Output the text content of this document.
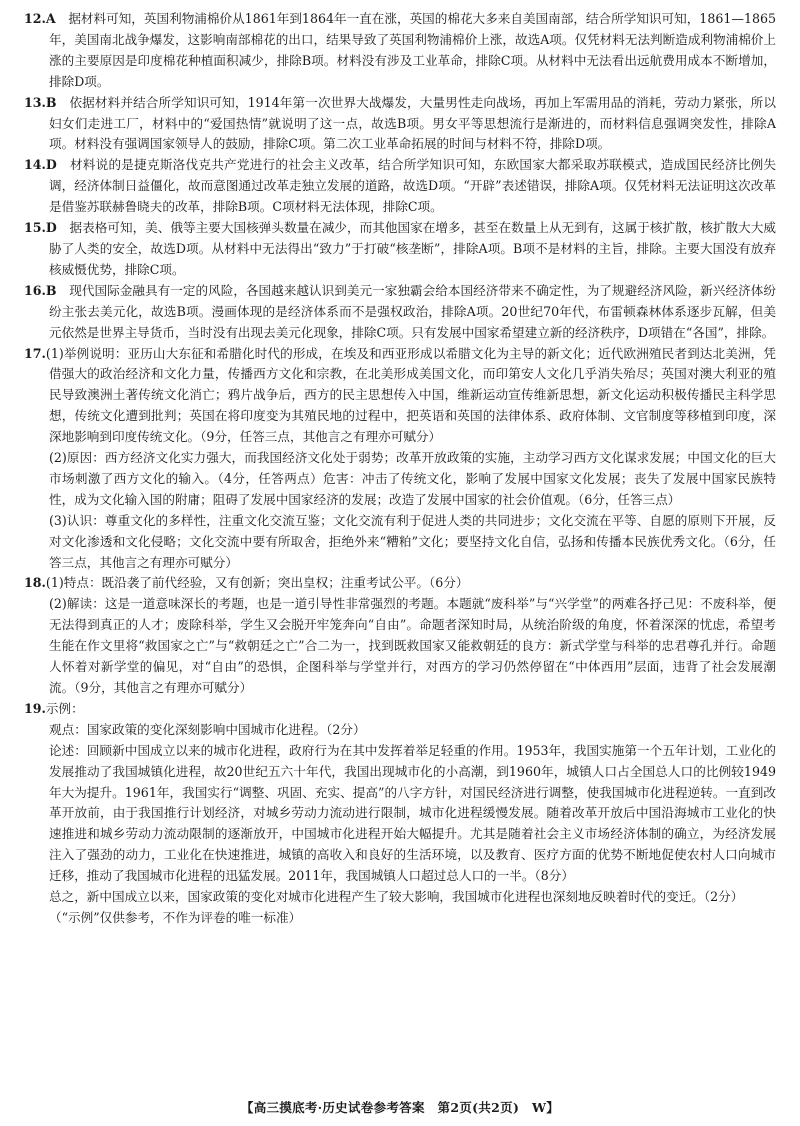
12.A　 据材料可知，英国利物浦棉价从1861年到1864年一直在涨，英国的棉花大多来自美国南部，结合所学知识可知，1861—1865年，美国南北战争爆发，这影响南部棉花的出口，结果导致了英国利物浦棉价上涨，故选A项。仅凭材料无法判断造成利物浦棉价上涨的主要原因是印度棉花种植面积减少，排除B项。材料没有涉及工业革命，排除C项。从材料中无法看出远航费用成本不断增加，排除D项。
13.B　 依据材料并结合所学知识可知，1914年第一次世界大战爆发，大量男性走向战场，再加上军需用品的消耗，劳动力紧张，所以妇女们走进工厂，材料中的“爱国热情”就说明了这一点，故选B项。男女平等思想流行是渐进的，而材料信息强调突发性，排除A项。材料没有强调国家领导人的鼓励，排除C项。第二次工业革命拓展的时间与材料不符，排除D项。
14.D　 材料说的是捷克斯洛伐克共产党进行的社会主义改革，结合所学知识可知，东欧国家大都采取苏联模式，造成国民经济比例失调，经济体制日益僵化，故而意图通过改革走独立发展的道路，故选D项。“开辟”表述错误，排除A项。仅凭材料无法证明这次改革是借鉴苏联赫鲁晓夫的改革，排除B项。C项材料无法体现，排除C项。
15.D　 据表格可知，美、俄等主要大国核弹头数量在减少，而其他国家在增多，甚至在数量上从无到有，这属于核扩散，核扩散大大威胁了人类的安全，故选D项。从材料中无法得出“致力”于打破“核垄断”，排除A项。B项不是材料的主旨，排除。主要大国没有放弃核威慑优势，排除C项。
16.B　 现代国际金融具有一定的风险，各国越来越认识到美元一家独霸会给本国经济带来不确定性，为了规避经济风险，新兴经济体纷纷主张去美元化，故选B项。漫画体现的是经济体系而不是强权政治，排除A项。20世纪70年代，布雷顿森林体系逐步瓦解，但美元依然是世界主导货币，当时没有出现去美元化现象，排除C项。只有发展中国家希望建立新的经济秩序，D项错在“各国”，排除。
17.(1)举例说明：亚历山大东征和希腊化时代的形成，在埃及和西亚形成以希腊文化为主导的新文化；近代欧洲殖民者到达北美洲，凭借强大的政治经济和文化力量，传播西方文化和宗教，在北美形成美国文化，而印第安人文化几乎消失殆尽；英国对澳大利亚的殖民导致澳洲土著传统文化消亡；鸦片战争后，西方的民主思想传入中国，维新运动宣传维新思想，新文化运动积极传播民主科学思想，传统文化遭到批判；英国在将印度变为其殖民地的过程中，把英语和英国的法律体系、政府体制、文官制度等移植到印度，深深地影响到印度传统文化。（9分，任答三点，其他言之有理亦可赋分）
(2)原因：西方经济文化实力强大，而我国经济文化处于弱势；改革开放政策的实施，主动学习西方文化谋求发展；中国文化的巨大市场刺激了西方文化的输入。（4分，任答两点）危害：冲击了传统文化，影响了发展中国家文化发展；丧失了发展中国家民族特性，成为文化输入国的附庸；阻碍了发展中国家经济的发展；改造了发展中国家的社会价值观。（6分，任答三点）
(3)认识：尊重文化的多样性，注重文化交流互鉴；文化交流有利于促进人类的共同进步；文化交流在平等、自愿的原则下开展，反对文化渗透和文化侵略；文化交流中要有所取舍，拒绝外来“糟粕”文化；要坚持文化自信，弘扬和传播本民族优秀文化。（6分，任答三点，其他言之有理亦可赋分）
18.(1)特点：既沿袭了前代经验，又有创新；突出皇权；注重考试公平。（6分）
(2)解读：这是一道意味深长的考题，也是一道引导性非常强烈的考题。本题就“废科举”与“兴学堂”的两难各抒己见：不废科举，便无法得到真正的人才；废除科举，学生又会脱开牢笼奔向“自由”。命题者深知时局，从统治阶级的角度，怀着深深的忧虑，希望考生能在作文里将“救国家之亡”与“救朝廷之亡”合二为一，找到既救国家又能救朝廷的良方：新式学堂与科举的忠君尊孔并行。命题人怀着对新学堂的偏见，对“自由”的恐惧，企图科举与学堂并行，对西方的学习仍然停留在“中体西用”层面，违背了社会发展潮流。（9分，其他言之有理亦可赋分）
19.示例：
观点：国家政策的变化深刻影响中国城市化进程。（2分）
论述：回顾新中国成立以来的城市化进程，政府行为在其中发挥着举足轻重的作用。1953年，我国实施第一个五年计划，工业化的发展推动了我国城镇化进程，故20世纪五六十年代，我国出现城市化的小高潮，到1960年，城镇人口占全国总人口的比例较1949年大为提升。1961年，我国实行“调整、巩固、充实、提高”的八字方针，对国民经济进行调整，使我国城市化进程逆转。一直到改革开放前，由于我国推行计划经济，对城乡劳动力流动进行限制，城市化进程缓慢发展。随着改革开放后中国沿海城市工业化的快速推进和城乡劳动力流动限制的逐渐放开，中国城市化进程开始大幅提升。尤其是随着社会主义市场经济体制的确立，为经济发展注入了强劲的动力，工业化在快速推进，城镇的高收入和良好的生活环境，以及教育、医疗方面的优势不断地促使农村人口向城市迁移，推动了我国城市化进程的迅猛发展。2011年，我国城镇人口超过总人口的一半。（8分）
总之，新中国成立以来，国家政策的变化对城市化进程产生了较大影响，我国城市化进程也深刻地反映着时代的变迁。（2分）
（“示例”仅供参考，不作为评卷的唯一标准）
【高三摸底考·历史试卷参考答案　第2页(共2页)　W】
